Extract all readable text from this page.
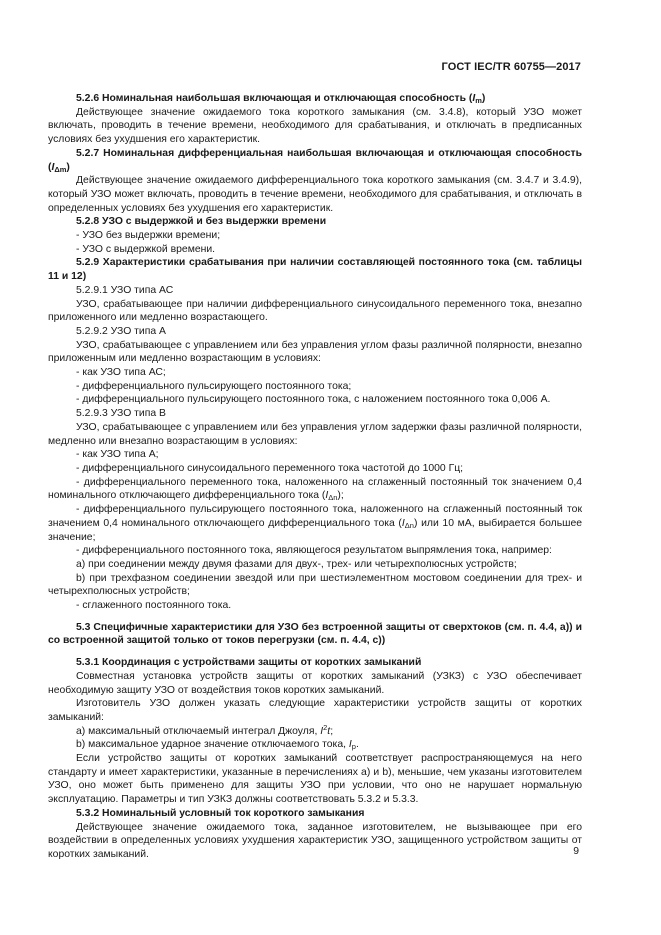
ГОСТ IEC/TR 60755—2017

5.2.6 Номинальная наибольшая включающая и отключающая способность $(I_m)$

Действующее значение ожидаемого тока короткого замыкания (см. 3.4.8), который УЗО может включать, проводить в течение времени, необходимого для срабатывания, и отключать в предписанных условиях без ухудшения его характеристик.

5.2.7 Номинальная дифференциальная наибольшая включающая и отключающая способность $(I_{\Delta m})$

Действующее значение ожидаемого дифференциального тока короткого замыкания (см. 3.4.7 и 3.4.9), который УЗО может включать, проводить в течение времени, необходимого для срабатывания, и отключать в определенных условиях без ухудшения его характеристик.

5.2.8 УЗО с выдержкой и без выдержки времени

- УЗО без выдержки времени;

- УЗО с выдержкой времени.

5.2.9 Характеристики срабатывания при наличии составляющей постоянного тока (см. таблицы 11 и 12)

5.2.9.1 УЗО типа АС

УЗО, срабатывающее при наличии дифференциального синусоидального переменного тока, внезапно приложенного или медленно возрастающего.

5.2.9.2 УЗО типа А

УЗО, срабатывающее с управлением или без управления углом фазы различной полярности, внезапно приложенным или медленно возрастающим в условиях:

- как УЗО типа АС;

- дифференциального пульсирующего постоянного тока;

- дифференциального пульсирующего постоянного тока, с наложением постоянного тока 0,006 А.

5.2.9.3 УЗО типа В

УЗО, срабатывающее с управлением или без управления углом задержки фазы различной полярности, медленно или внезапно возрастающим в условиях:

- как УЗО типа А;

- дифференциального синусоидального переменного тока частотой до 1000 Гц;

- дифференциального переменного тока, наложенного на сглаженный постоянный ток значением 0,4 номинального отключающего дифференциального тока $(I_{\Delta n})$;

- дифференциального пульсирующего постоянного тока, наложенного на сглаженный постоянный ток значением 0,4 номинального отключающего дифференциального тока $(I_{\Delta n})$ или 10 мА, выбирается большее значение;

- дифференциального постоянного тока, являющегося результатом выпрямления тока, например:

а) при соединении между двумя фазами для двух-, трех- или четырехполюсных устройств;

b) при трехфазном соединении звездой или при шестиэлементном мостовом соединении для трех- и четырехполюсных устройств;

- сглаженного постоянного тока.

5.3 Специфичные характеристики для УЗО без встроенной защиты от сверхтоков (см. п. 4.4, а)) и со встроенной защитой только от токов перегрузки (см. п. 4.4, с))

5.3.1 Координация с устройствами защиты от коротких замыканий

Совместная установка устройств защиты от коротких замыканий (УЗКЗ) с УЗО обеспечивает необходимую защиту УЗО от воздействия токов коротких замыканий.

Изготовитель УЗО должен указать следующие характеристики устройств защиты от коротких замыканий:

а) максимальный отключаемый интеграл Джоуля, $I^2t$;

b) максимальное ударное значение отключаемого тока, $I_p$.

Если устройство защиты от коротких замыканий соответствует распространяющемуся на него стандарту и имеет характеристики, указанные в перечислениях а) и b), меньшие, чем указаны изготовителем УЗО, оно может быть применено для защиты УЗО при условии, что оно не нарушает нормальную эксплуатацию. Параметры и тип УЗКЗ должны соответствовать 5.3.2 и 5.3.3.

5.3.2 Номинальный условный ток короткого замыкания

Действующее значение ожидаемого тока, заданное изготовителем, не вызывающее при его воздействии в определенных условиях ухудшения характеристик УЗО, защищенного устройством защиты от коротких замыканий.	9
